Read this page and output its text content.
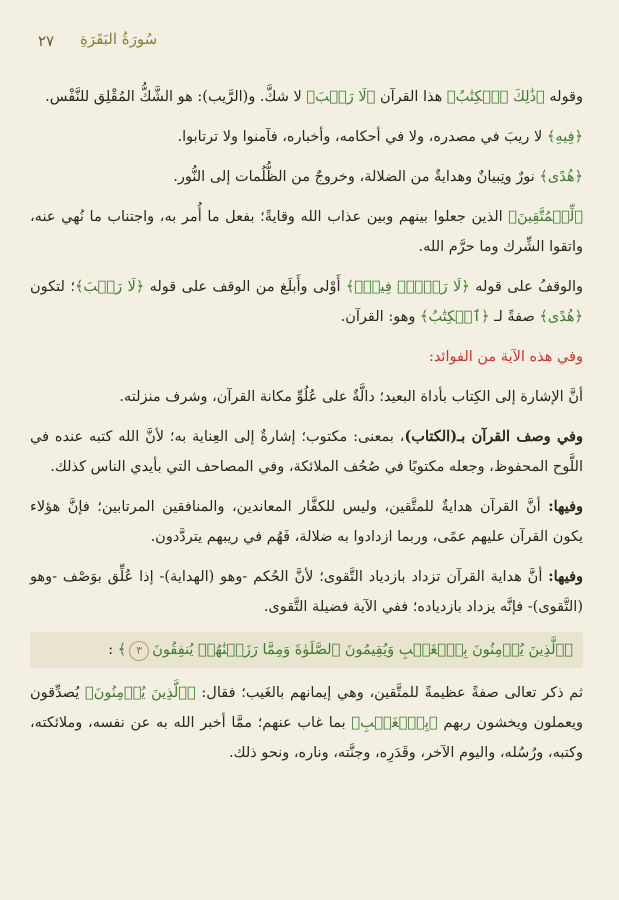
٢٧ سُورَةُ البَقَرَةِ

وقوله ﴿ذَٰلِكَ ٱلۡكِتَٰبُ﴾ هذا القرآن ﴿لَا رَيۡبَ﴾ لا شكَّ. و(الرَّيب): هو الشَّكُّ المُقْلِق للنَّفْس.

﴿فِيهِ﴾ لا ريبَ في مصدره، ولا في أحكامه، وأخباره، فآمنوا ولا ترتابوا.

﴿هُدًى﴾ نورٌ وتِبيانٌ وهدايةٌ من الضلالة، وخروجٌ من الظُّلُمات إلى النُّور.

﴿لِّلۡمُتَّقِينَ﴾ الذين جعلوا بينهم وبين عذاب الله وقايةً؛ بفعل ما أُمر به، واجتناب ما نُهي عنه، واتقوا الشِّرك وما حرَّم الله.

والوقفُ على قوله ﴿لَا رَيۡبَۛ فِيهِۛ﴾ أَوْلى وأَبلَغ من الوقف على قوله ﴿لَا رَيۡبَ﴾؛ لتكون ﴿هُدًى﴾ صفةً لـ ﴿ٱلۡكِتَٰبُ﴾ وهو: القرآن.

وفي هذه الآية من الفوائد:

أنَّ الإشارة إلى الكِتاب بأداة البعيد؛ دالَّةٌ على عُلُوِّ مكانة القرآن، وشرف منزلته.

وفي وصف القرآن بـ(الكتاب)، بمعنى: مكتوب؛ إشارةٌ إلى العِناية به؛ لأنَّ الله كتبه عنده في اللَّوح المحفوظ، وجعله مكتوبًا في صُحُف الملائكة، وفي المصاحف التي بأيدي الناس كذلك.

وفيها: أنَّ القرآن هدايةٌ للمتَّقين، وليس للكفَّار المعاندين، والمنافقين المرتابين؛ فإنَّ هؤلاء يكون القرآن عليهم عمًى، وربما ازدادوا به ضلالة، فَهُم في ريبهم يتردَّدون.

وفيها: أنَّ هداية القرآن تزداد بازدياد التَّقوى؛ لأنَّ الحُكم -وهو (الهداية)- إذا عُلِّق بوَصْف -وهو (التَّقوى)- فإنَّه يزداد بازدياده؛ ففي الآية فضيلة التَّقوى.

﴿ٱلَّذِينَ يُؤۡمِنُونَ بِٱلۡغَيۡبِ وَيُقِيمُونَ ٱلصَّلَوٰةَ وَمِمَّا رَزَقۡنَٰهُمۡ يُنفِقُونَ٣﴾ :

ثم ذكر تعالى صفةً عظيمةً للمتَّقين، وهي إيمانهم بالغَيب؛ فقال: ﴿ٱلَّذِينَ يُؤۡمِنُونَ﴾ يُصدِّقون ويعملون ويخشون ربهم ﴿بِٱلۡغَيۡبِ﴾ بما غاب عنهم؛ ممَّا أخبر الله به عن نفسه، وملائكته، وكتبه، ورُسُله، واليوم الآخر، وقَدَرِه، وجنَّته، وناره، ونحو ذلك.
